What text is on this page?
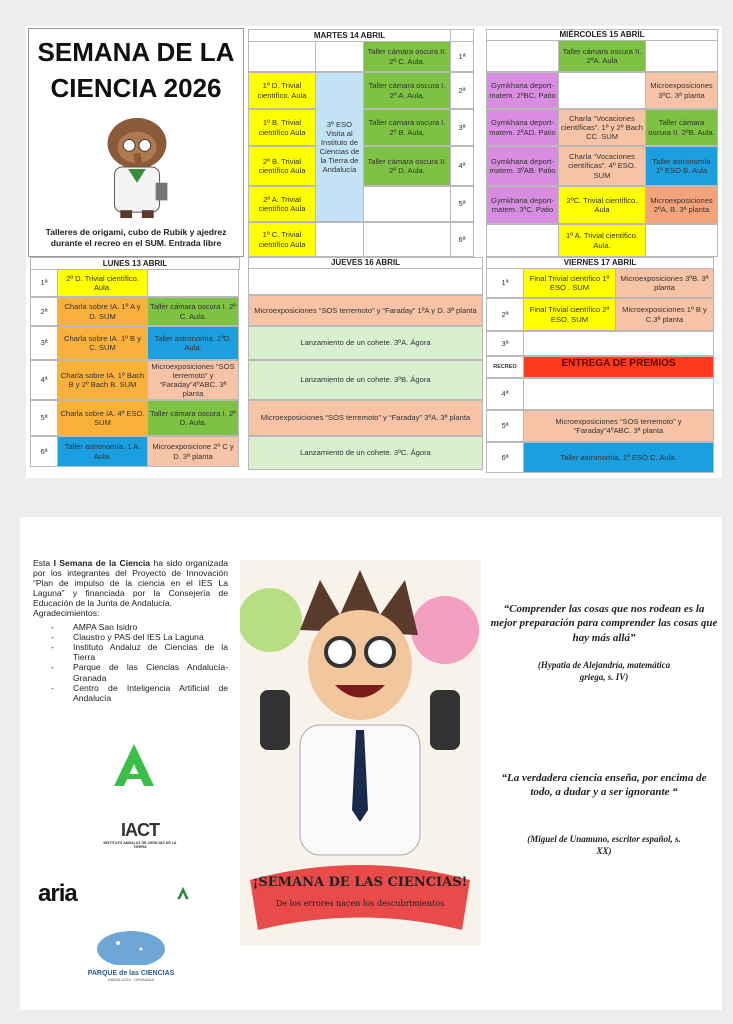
SEMANA DE LA CIENCIA 2026
Talleres de origami, cubo de Rubik y ajedrez durante el recreo en el SUM. Entrada libre
LUNES 13 ABRIL
1ª
2º D. Trivial científico. Aula.
2ª
Charla sobre IA. 1º A y D. SUM
Taller cámara oscura I. 2º C. Aula.
3ª
Charla sobre IA. 1º B y C. SUM
Taller astronomía. 1ºD. Aula.
4ª
Charla sobre IA. 1º Bach B y 2º Bach B. SUM
Microexposiciones “SOS terremoto” y “Faraday”4ºABC. 3ª planta
5ª
Charla sobre IA. 4º ESO. SUM
Taller cámara oscura I. 2º D. Aula.
6ª
Taller astronomía. 1 A. Aula.
Microexposicione 2º C y D. 3ª planta
MARTES 14 ABRIL
Taller cámara oscura II. 2º C. Aula.
1º D. Trivial científico. Aula
3º ESO Visita al Instituto de Ciencias de la Tierra de Andalucía
Taller cámara oscura I. 2º A. Aula.
1º B. Trivial científico Aula
Taller cámara oscura I. 2º B. Aula.
2º B. Trivial científico Aula
Taller cámara oscura II. 2º D. Aula.
2º A. Trivial científico Aula
1º C. Trivial científico Aula
1ª
2ª
3ª
4ª
5ª
6ª
MIÉRCOLES 15 ABRIL
Taller cámara oscura II. 2ºA. Aula
Gymkhana deport-matem. 2ºBC. Patio
Microexposiciones 3ºC. 3ª planta
Gymkhana deport-matem. 2ºAD. Patio
Charla “Vocaciones científicas”. 1º y 2º Bach CC. SUM
Taller cámara oscura II. 2ºB. Aula.
Gymkhana deport-matem. 3ºAB. Patio
Charla “Vocaciones científicas”. 4º ESO. SUM
Taller astronomía 1º ESO B. Aula
Gymkhana deport-matem. 3ºC. Patio
2ºC. Trivial científico. Aula
Microexposiciones 2ºA, B. 3ª planta
1º A. Trivial científico. Aula.
JUEVES 16 ABRIL
Microexposiciones “SOS terremoto” y “Faraday” 1ºA y D. 3ª planta
Lanzamiento de un cohete. 3ºA. Ágora
Lanzamiento de un cohete. 3ºB. Ágora
Microexposiciones “SOS terremoto” y “Faraday” 3ºA. 3ª planta
Lanzamiento de un cohete. 3ºC. Ágora
VIERNES 17 ABRIL
1ª
2ª
3ª
RECREO
4ª
5ª
6ª
Final Trivial científico 1º ESO . SUM
Microexposiciones 3ºB. 3ª planta
Final Trivial científico 2º ESO. SUM
Microexposiciones 1º B y C.3ª planta
ENTREGA DE PREMIOS
Microexposiciones “SOS terremoto” y “Faraday”4ºABC. 3ª planta
Taller astronomía. 1º ESO C. Aula.
Esta I Semana de la Ciencia ha sido organizada por los integrantes del Proyecto de Innovación “Plan de impulso de la ciencia en el IES La Laguna” y financiada por la Consejería de Educación de la Junta de Andalucía.
Agradecimientos:
- AMPA San Isidro
- Claustro y PAS del IES La Laguna
- Instituto Andaluz de Ciencias de la Tierra
- Parque de las Ciencias Andalucía-Granada
- Centro de Inteligencia Artificial de Andalucía
IACT
INSTITUTO ANDALUZ DE CIENCIAS DE LA TIERRA
aria
PARQUE de las CIENCIAS
ANDALUCÍA · GRANADA
¡SEMANA DE LAS CIENCIAS!
De los errores nacen los descubrimientos
“Comprender las cosas que nos rodean es la mejor preparación para comprender las cosas que hay más allá”
(Hypatia de Alejandría, matemática griega, s. IV)
“La verdadera ciencia enseña, por encima de todo, a dudar y a ser ignorante “
(Miguel de Unamuno, escritor español, s. XX)
